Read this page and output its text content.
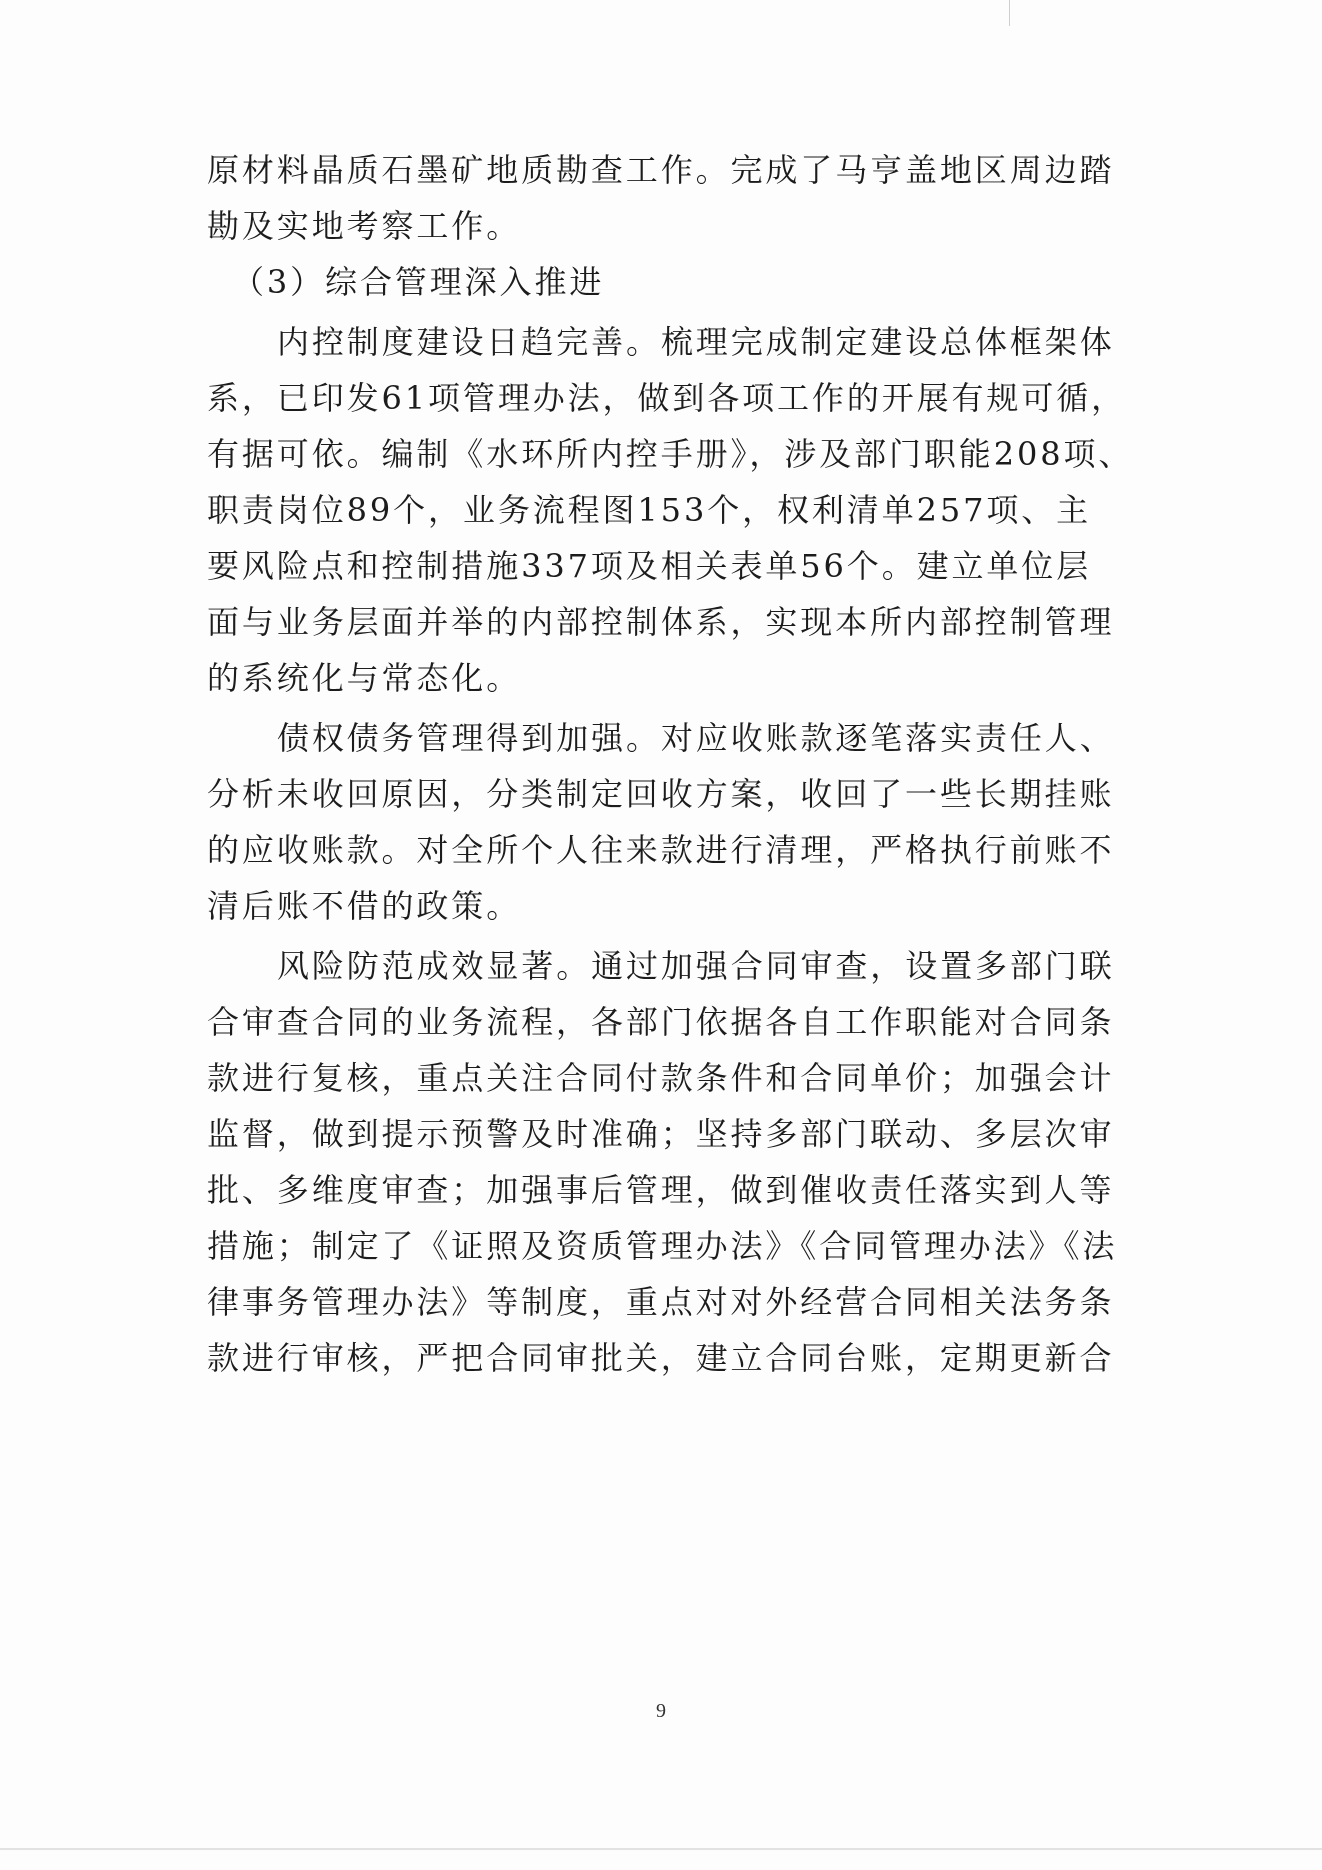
原材料晶质石墨矿地质勘查工作。完成了马亨盖地区周边踏
勘及实地考察工作。
（3）综合管理深入推进
内控制度建设日趋完善。梳理完成制定建设总体框架体
系，已印发61项管理办法，做到各项工作的开展有规可循，
有据可依。编制《水环所内控手册》，涉及部门职能208项、
职责岗位89个，业务流程图153个，权利清单257项、主
要风险点和控制措施337项及相关表单56个。建立单位层
面与业务层面并举的内部控制体系，实现本所内部控制管理
的系统化与常态化。
债权债务管理得到加强。对应收账款逐笔落实责任人、
分析未收回原因，分类制定回收方案，收回了一些长期挂账
的应收账款。对全所个人往来款进行清理，严格执行前账不
清后账不借的政策。
风险防范成效显著。通过加强合同审查，设置多部门联
合审查合同的业务流程，各部门依据各自工作职能对合同条
款进行复核，重点关注合同付款条件和合同单价；加强会计
监督，做到提示预警及时准确；坚持多部门联动、多层次审
批、多维度审查；加强事后管理，做到催收责任落实到人等
措施；制定了《证照及资质管理办法》《合同管理办法》《法
律事务管理办法》等制度，重点对对外经营合同相关法务条
款进行审核，严把合同审批关，建立合同台账，定期更新合
9
